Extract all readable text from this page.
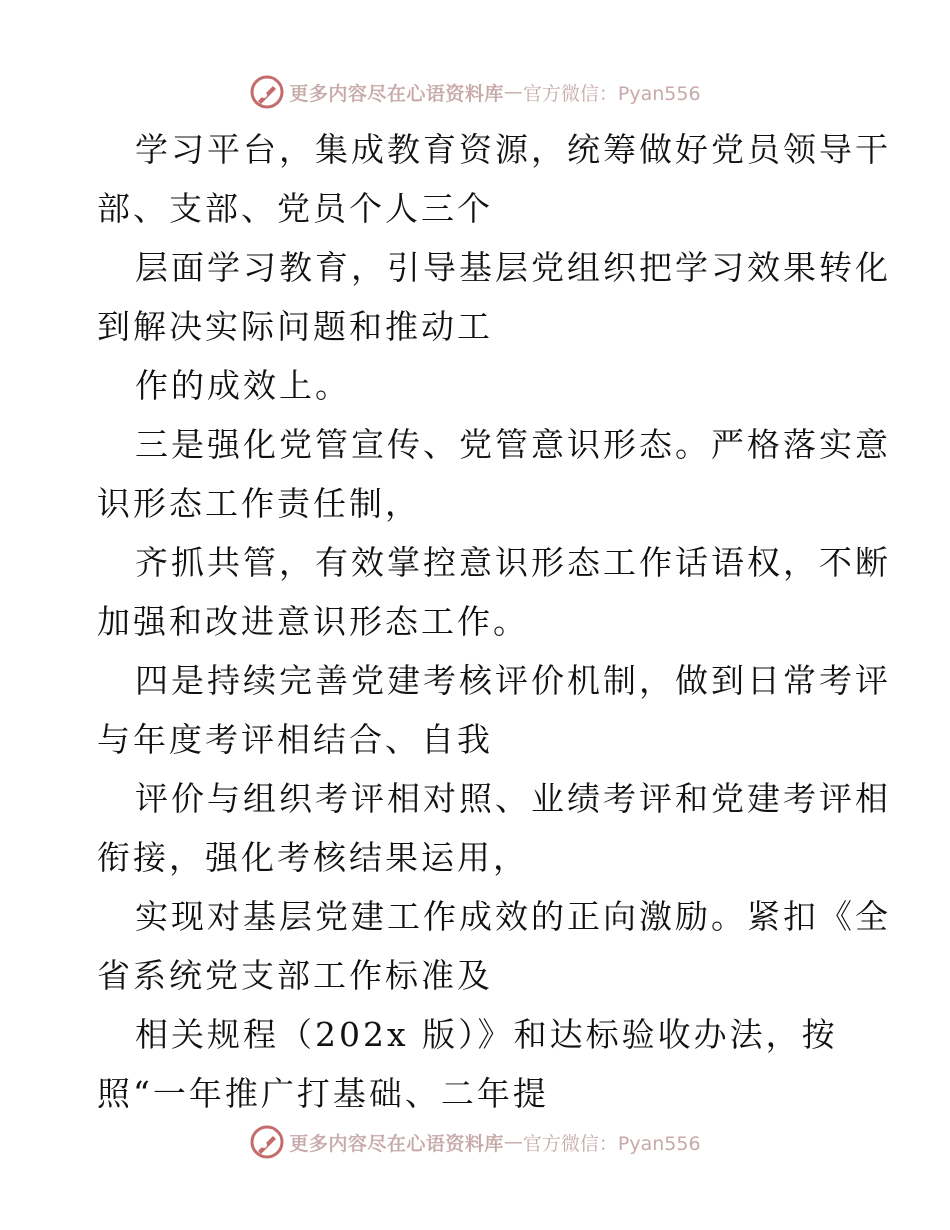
更多内容尽在心语资料库 — 官方微信：Pyan556
学习平台，集成教育资源，统筹做好党员领导干
部、支部、党员个人三个
层面学习教育，引导基层党组织把学习效果转化
到解决实际问题和推动工
作的成效上。
三是强化党管宣传、党管意识形态。严格落实意
识形态工作责任制，
齐抓共管，有效掌控意识形态工作话语权，不断
加强和改进意识形态工作。
四是持续完善党建考核评价机制，做到日常考评
与年度考评相结合、自我
评价与组织考评相对照、业绩考评和党建考评相
衔接，强化考核结果运用，
实现对基层党建工作成效的正向激励。紧扣《全
省系统党支部工作标准及
相关规程（202x 版）》和达标验收办法，按
照“一年推广打基础、二年提
更多内容尽在心语资料库 — 官方微信：Pyan556
